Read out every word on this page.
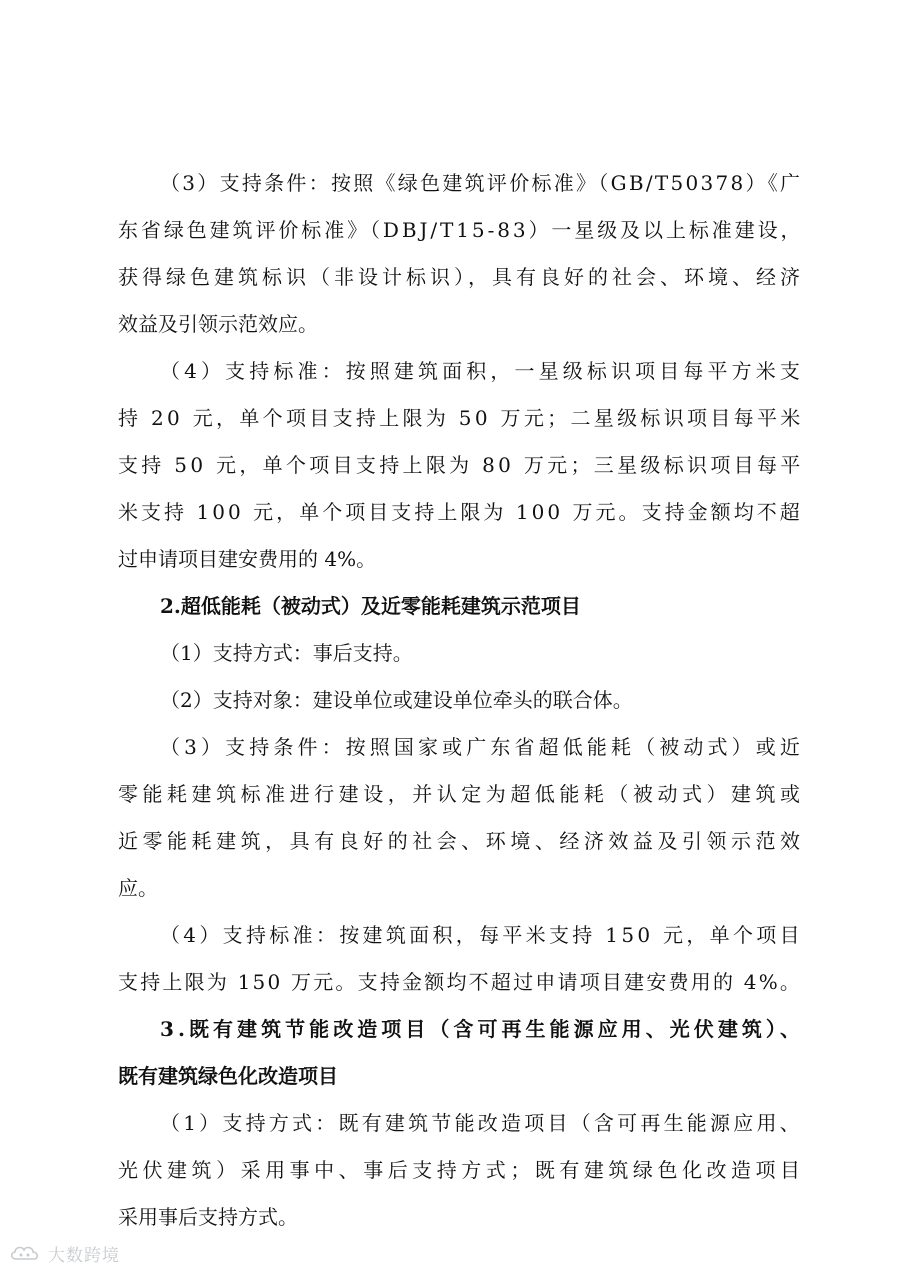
（3）支持条件：按照《绿色建筑评价标准》（GB/T50378）《广
东省绿色建筑评价标准》（DBJ/T15-83）一星级及以上标准建设，
获得绿色建筑标识（非设计标识），具有良好的社会、环境、经济
效益及引领示范效应。
（4）支持标准：按照建筑面积，一星级标识项目每平方米支
持 20 元，单个项目支持上限为 50 万元；二星级标识项目每平米
支持 50 元，单个项目支持上限为 80 万元；三星级标识项目每平
米支持 100 元，单个项目支持上限为 100 万元。支持金额均不超
过申请项目建安费用的 4%。
2.超低能耗（被动式）及近零能耗建筑示范项目
（1）支持方式：事后支持。
（2）支持对象：建设单位或建设单位牵头的联合体。
（3）支持条件：按照国家或广东省超低能耗（被动式）或近
零能耗建筑标准进行建设，并认定为超低能耗（被动式）建筑或
近零能耗建筑，具有良好的社会、环境、经济效益及引领示范效
应。
（4）支持标准：按建筑面积，每平米支持 150 元，单个项目
支持上限为 150 万元。支持金额均不超过申请项目建安费用的 4%。
3.既有建筑节能改造项目（含可再生能源应用、光伏建筑）、
既有建筑绿色化改造项目
（1）支持方式：既有建筑节能改造项目（含可再生能源应用、
光伏建筑）采用事中、事后支持方式；既有建筑绿色化改造项目
采用事后支持方式。
大数跨境
